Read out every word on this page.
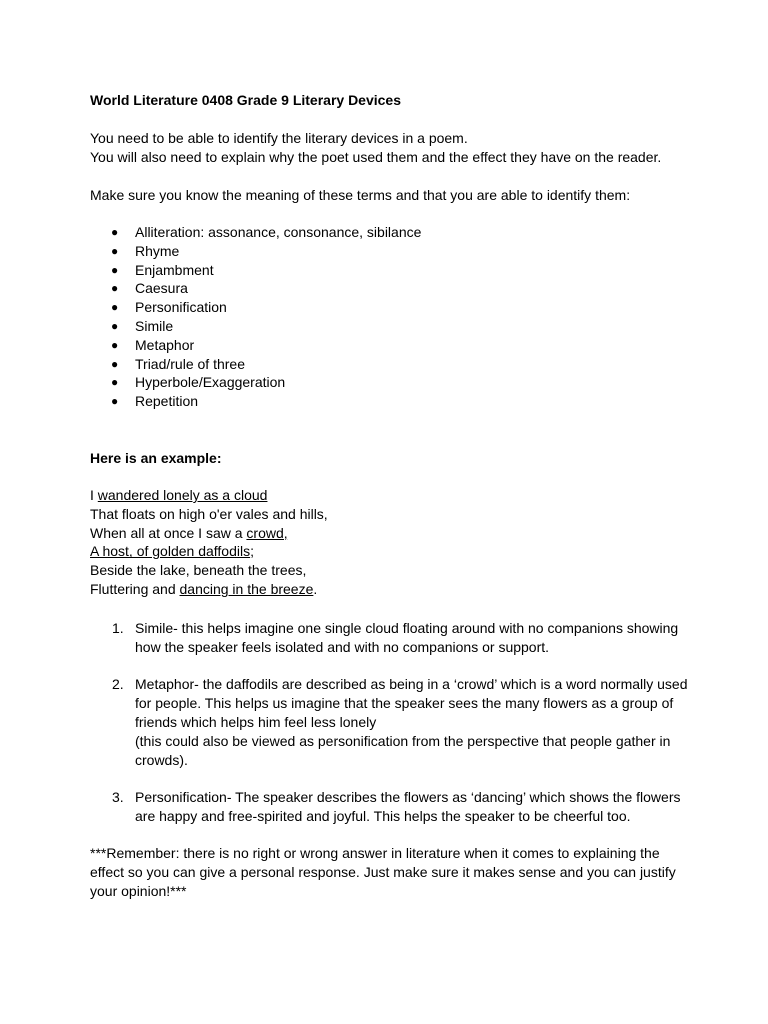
World Literature 0408 Grade 9 Literary Devices
You need to be able to identify the literary devices in a poem.
You will also need to explain why the poet used them and the effect they have on the reader.
Make sure you know the meaning of these terms and that you are able to identify them:
● Alliteration: assonance, consonance, sibilance
● Rhyme
● Enjambment
● Caesura
● Personification
● Simile
● Metaphor
● Triad/rule of three
● Hyperbole/Exaggeration
● Repetition
Here is an example:
I wandered lonely as a cloud
That floats on high o'er vales and hills,
When all at once I saw a crowd,
A host, of golden daffodils;
Beside the lake, beneath the trees,
Fluttering and dancing in the breeze.
1. Simile- this helps imagine one single cloud floating around with no companions showing how the speaker feels isolated and with no companions or support.

2. Metaphor- the daffodils are described as being in a ‘crowd’ which is a word normally used for people. This helps us imagine that the speaker sees the many flowers as a group of friends which helps him feel less lonely

(this could also be viewed as personification from the perspective that people gather in crowds).

3. Personification- The speaker describes the flowers as ‘dancing’ which shows the flowers are happy and free-spirited and joyful. This helps the speaker to be cheerful too.

***Remember: there is no right or wrong answer in literature when it comes to explaining the effect so you can give a personal response. Just make sure it makes sense and you can justify your opinion!***
